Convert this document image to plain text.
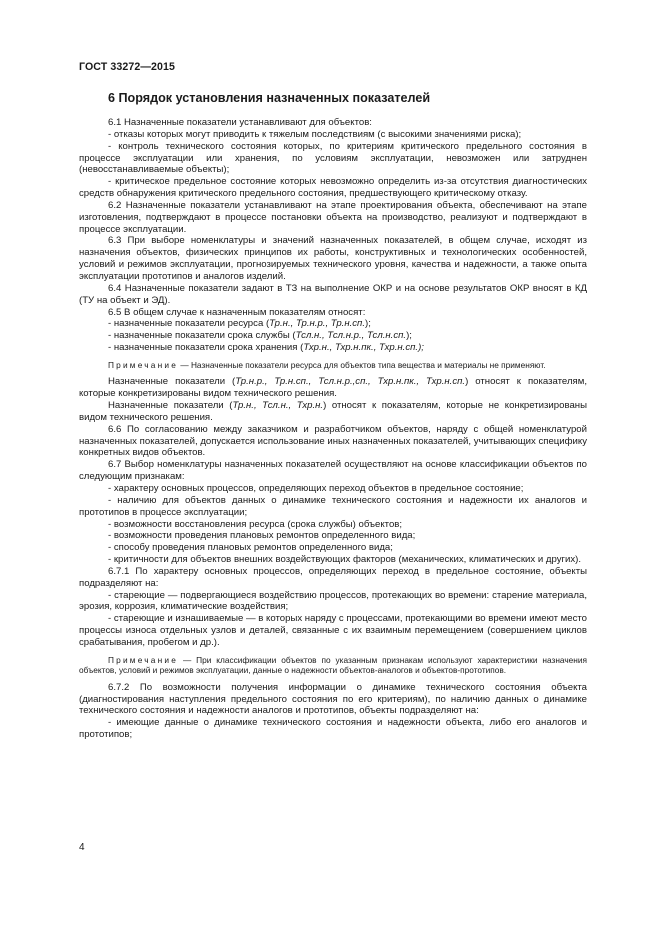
ГОСТ 33272—2015
6 Порядок установления назначенных показателей

6.1 Назначенные показатели устанавливают для объектов:

- отказы которых могут приводить к тяжелым последствиям (с высокими значениями риска);

- контроль технического состояния которых, по критериям критического предельного состояния в процессе эксплуатации или хранения, по условиям эксплуатации, невозможен или затруднен (невосстанавливаемые объекты);

- критическое предельное состояние которых невозможно определить из-за отсутствия диагностических средств обнаружения критического предельного состояния, предшествующего критическому отказу.

6.2 Назначенные показатели устанавливают на этапе проектирования объекта, обеспечивают на этапе изготовления, подтверждают в процессе постановки объекта на производство, реализуют и подтверждают в процессе эксплуатации.

6.3 При выборе номенклатуры и значений назначенных показателей, в общем случае, исходят из назначения объектов, физических принципов их работы, конструктивных и технологических особенностей, условий и режимов эксплуатации, прогнозируемых технического уровня, качества и надежности, а также опыта эксплуатации прототипов и аналогов изделий.

6.4 Назначенные показатели задают в ТЗ на выполнение ОКР и на основе результатов ОКР вносят в КД (ТУ на объект и ЭД).

6.5 В общем случае к назначенным показателям относят:

- назначенные показатели ресурса (Тр.н., Тр.н.р., Тр.н.сп.);

- назначенные показатели срока службы (Тсл.н., Тсл.н.р., Тсл.н.сп.);

- назначенные показатели срока хранения (Тхр.н., Тхр.н.пк., Тхр.н.сп.);

Примечание — Назначенные показатели ресурса для объектов типа вещества и материалы не применяют.

Назначенные показатели (Тр.н.р., Тр.н.сп., Тсл.н.р.,сп., Тхр.н.пк., Тхр.н.сп.) относят к показателям, которые конкретизированы видом технического решения.

Назначенные показатели (Тр.н., Тсл.н., Тхр.н.) относят к показателям, которые не конкретизированы видом технического решения.

6.6 По согласованию между заказчиком и разработчиком объектов, наряду с общей номенклатурой назначенных показателей, допускается использование иных назначенных показателей, учитывающих специфику конкретных видов объектов.

6.7 Выбор номенклатуры назначенных показателей осуществляют на основе классификации объектов по следующим признакам:

- характеру основных процессов, определяющих переход объектов в предельное состояние;

- наличию для объектов данных о динамике технического состояния и надежности их аналогов и прототипов в процессе эксплуатации;

- возможности восстановления ресурса (срока службы) объектов;

- возможности проведения плановых ремонтов определенного вида;

- способу проведения плановых ремонтов определенного вида;

- критичности для объектов внешних воздействующих факторов (механических, климатических и других).

6.7.1 По характеру основных процессов, определяющих переход в предельное состояние, объекты подразделяют на:

- стареющие — подвергающиеся воздействию процессов, протекающих во времени: старение материала, эрозия, коррозия, климатические воздействия;

- стареющие и изнашиваемые — в которых наряду с процессами, протекающими во времени имеют место процессы износа отдельных узлов и деталей, связанные с их взаимным перемещением (совершением циклов срабатывания, пробегом и др.).

Примечание — При классификации объектов по указанным признакам используют характеристики назначения объектов, условий и режимов эксплуатации, данные о надежности объектов-аналогов и объектов-прототипов.

6.7.2 По возможности получения информации о динамике технического состояния объекта (диагностирования наступления предельного состояния по его критериям), по наличию данных о динамике технического состояния и надежности аналогов и прототипов, объекты подразделяют на:

- имеющие данные о динамике технического состояния и надежности объекта, либо его аналогов и прототипов;

4
